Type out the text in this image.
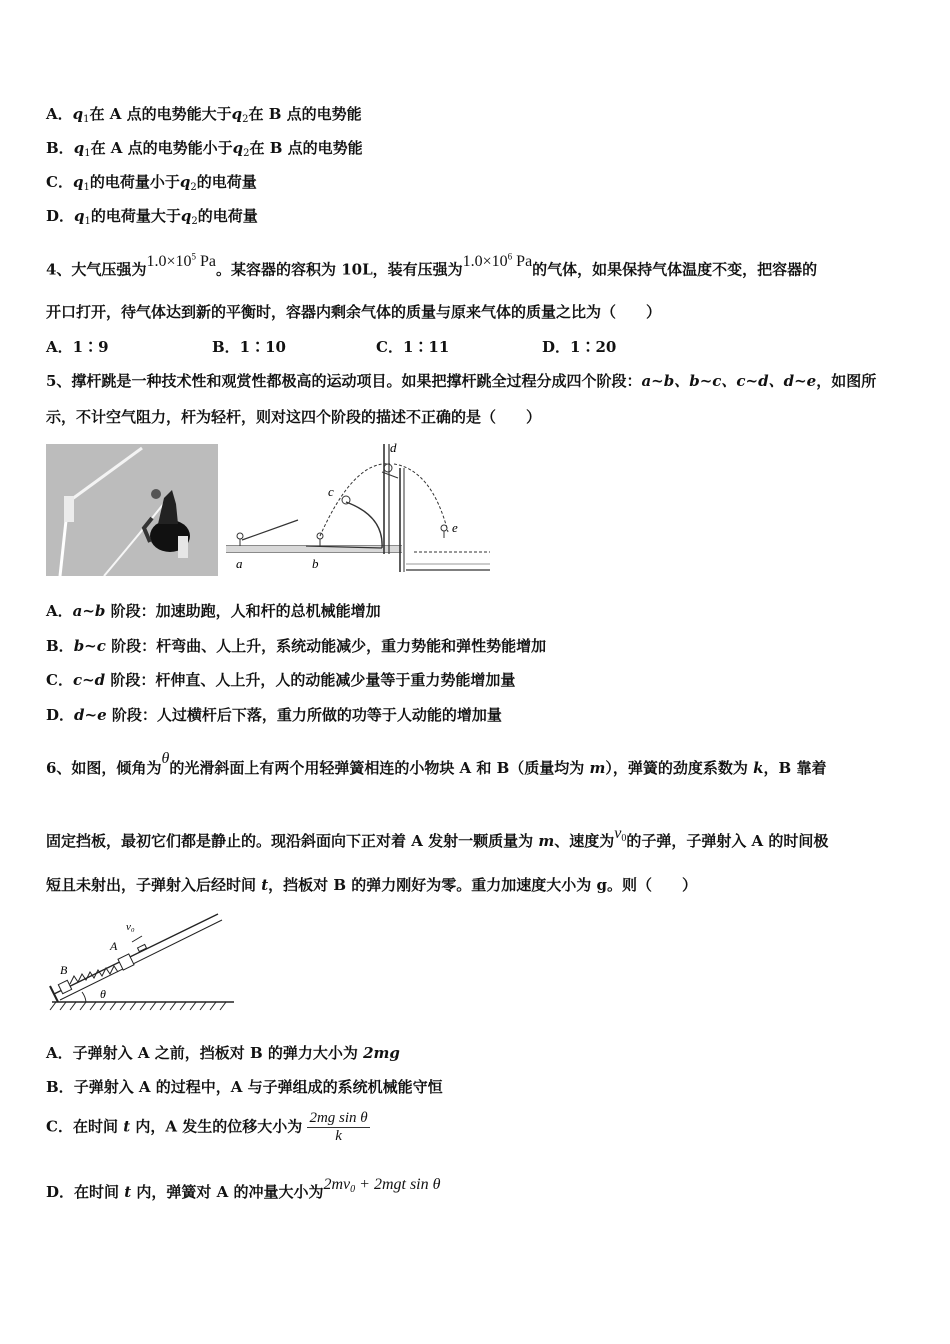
A．$q_1$在 A 点的电势能大于$q_2$在 B 点的电势能
B．$q_1$在 A 点的电势能小于$q_2$在 B 点的电势能
C．$q_1$的电荷量小于$q_2$的电荷量
D．$q_1$的电荷量大于$q_2$的电荷量
4、大气压强为$1.0\times 10^5$ Pa。某容器的容积为 10L，装有压强为$1.0\times 10^6$ Pa的气体，如果保持气体温度不变，把容器的
开口打开，待气体达到新的平衡时，容器内剩余气体的质量与原来气体的质量之比为（　　）
A．1∶9	B．1∶10	C．1∶11	D．1∶20
5、撑杆跳是一种技术性和观赏性都极高的运动项目。如果把撑杆跳全过程分成四个阶段：a~b、b~c、c~d、d~e，如图所
示，不计空气阻力，杆为轻杆，则对这四个阶段的描述不正确的是（　　）
a	b
c
d
e
A．a~b 阶段：加速助跑，人和杆的总机械能增加
B．b~c 阶段：杆弯曲、人上升，系统动能减少，重力势能和弹性势能增加
C．c~d 阶段：杆伸直、人上升，人的动能减少量等于重力势能增加量
D．d~e 阶段：人过横杆后下落，重力所做的功等于人动能的增加量
6、如图，倾角为θ的光滑斜面上有两个用轻弹簧相连的小物块 A 和 B（质量均为 m），弹簧的劲度系数为 k，B 靠着
固定挡板，最初它们都是静止的。现沿斜面向下正对着 A 发射一颗质量为 m、速度为$v_0$的子弹，子弹射入 A 的时间极
短且未射出，子弹射入后经时间 t，挡板对 B 的弹力刚好为零。重力加速度大小为 g。则（　　）
v₀
A
B
θ
A．子弹射入 A 之前，挡板对 B 的弹力大小为 2mg
B．子弹射入 A 的过程中，A 与子弹组成的系统机械能守恒
C．在时间 t 内，A 发生的位移大小为 $\frac{\text{2mg sin θ}}{k}$
D．在时间 t 内，弹簧对 A 的冲量大小为$2mv_0 + 2mgt$ sin θ
